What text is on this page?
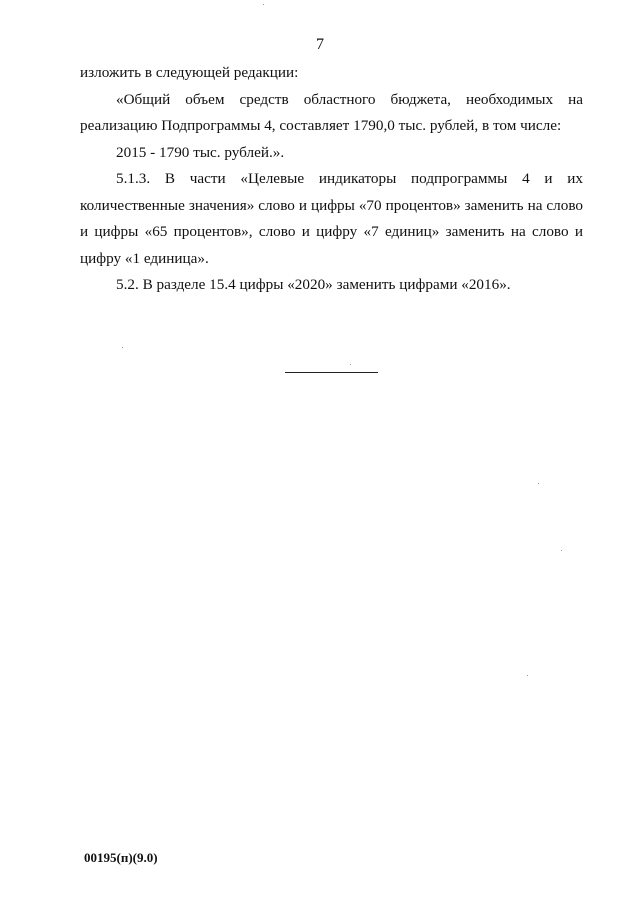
7

изложить в следующей редакции:

«Общий объем средств областного бюджета, необходимых на реализацию Подпрограммы 4, составляет 1790,0 тыс. рублей, в том числе:

2015 - 1790 тыс. рублей.».

5.1.3. В части «Целевые индикаторы подпрограммы 4 и их количественные значения» слово и цифры «70 процентов» заменить на слово и цифры «65 процентов», слово и цифру «7 единиц» заменить на слово и цифру «1 единица».

5.2. В разделе 15.4 цифры «2020» заменить цифрами «2016».

00195(п)(9.0)
